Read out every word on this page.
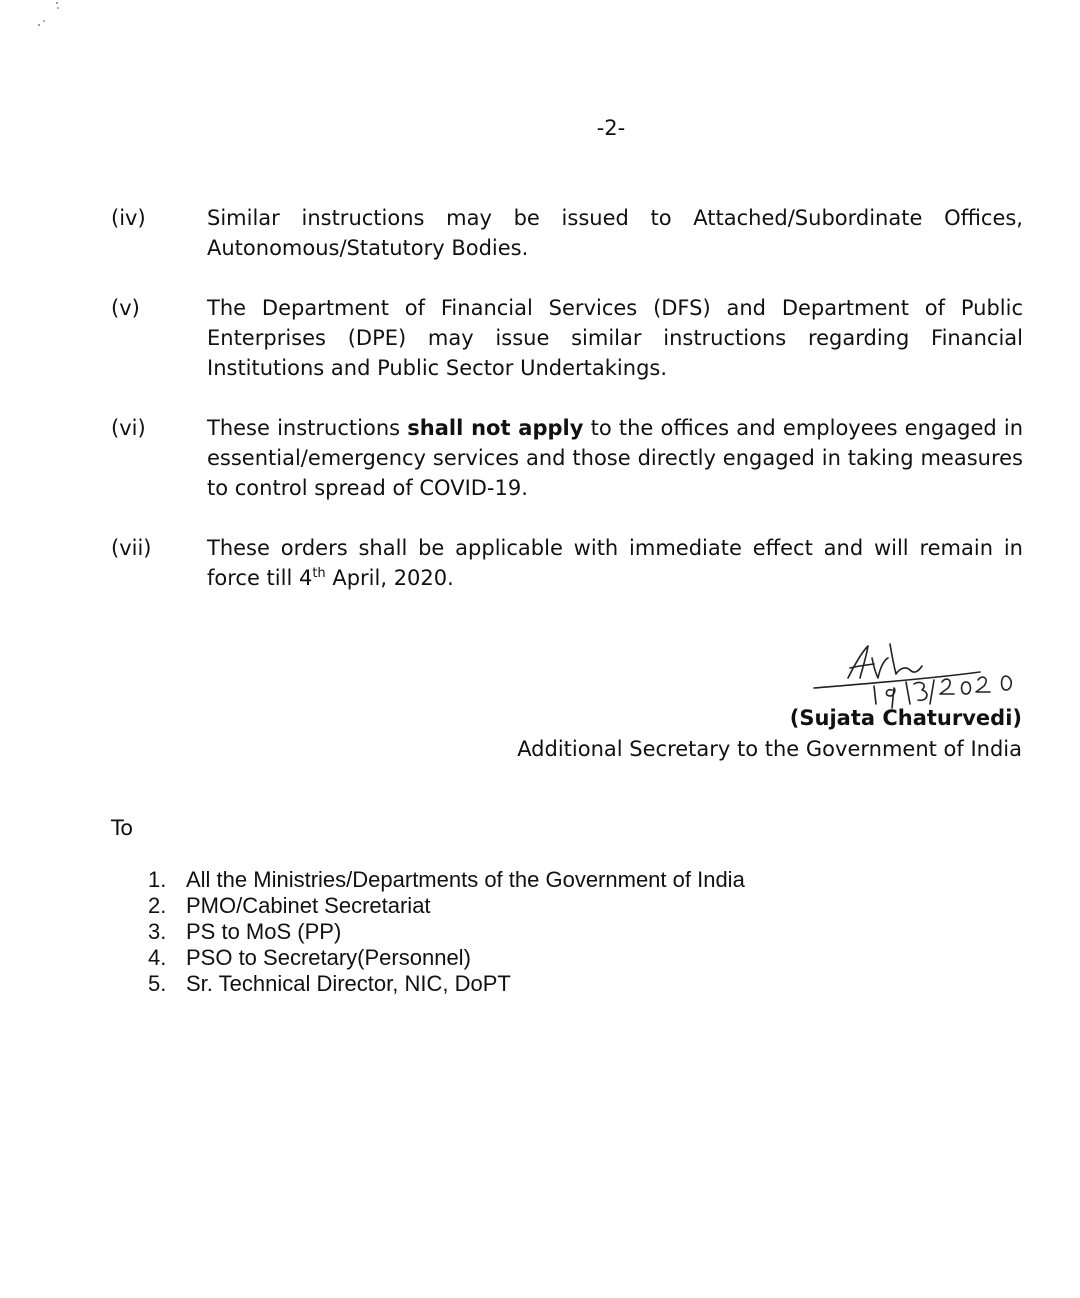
-2-
(iv)	Similar instructions may be issued to Attached/Subordinate Offices, Autonomous/Statutory Bodies.
(v)	The Department of Financial Services (DFS) and Department of Public Enterprises (DPE) may issue similar instructions regarding Financial Institutions and Public Sector Undertakings.
(vi)	These instructions shall not apply to the offices and employees engaged in essential/emergency services and those directly engaged in taking measures to control spread of COVID-19.
(vii)	These orders shall be applicable with immediate effect and will remain in force till 4th April, 2020.
(Sujata Chaturvedi)
Additional Secretary to the Government of India
To
1. All the Ministries/Departments of the Government of India
2. PMO/Cabinet Secretariat
3. PS to MoS (PP)
4. PSO to Secretary(Personnel)
5. Sr. Technical Director, NIC, DoPT
